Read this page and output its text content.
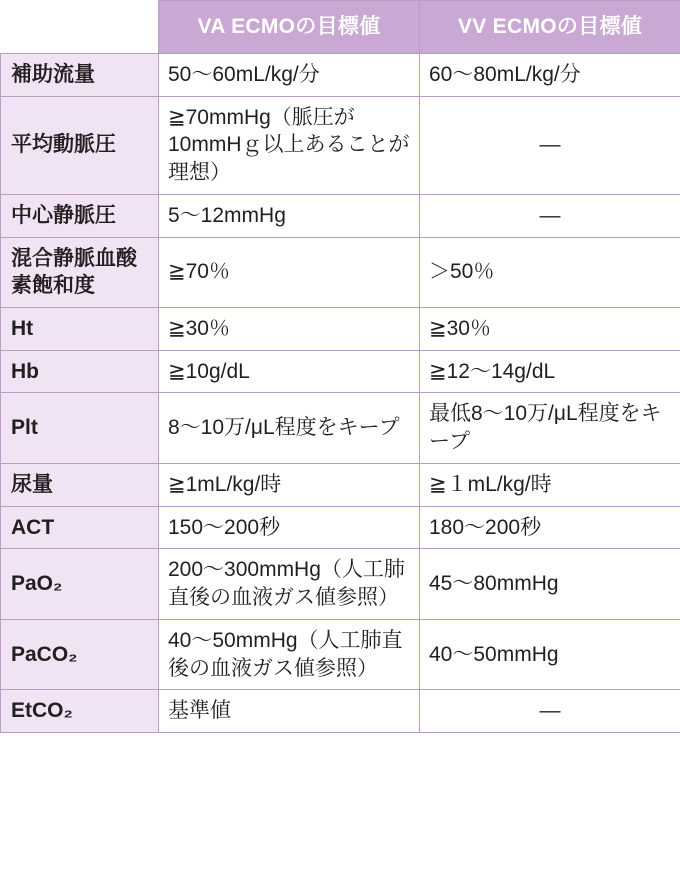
	VA ECMOの目標値	VV ECMOの目標値
補助流量	50〜60mL/kg/分	60〜80mL/kg/分
平均動脈圧	≧70mmHg（脈圧が10mmHｇ以上あることが理想）	—
中心静脈圧	5〜12mmHg	—
混合静脈血酸素飽和度	≧70％	＞50％
Ht	≧30％	≧30％
Hb	≧10g/dL	≧12〜14g/dL
Plt	8〜10万/μL程度をキープ	最低8〜10万/μL程度をキープ
尿量	≧1mL/kg/時	≧１mL/kg/時
ACT	150〜200秒	180〜200秒
PaO₂	200〜300mmHg（人工肺直後の血液ガス値参照）	45〜80mmHg
PaCO₂	40〜50mmHg（人工肺直後の血液ガス値参照）	40〜50mmHg
EtCO₂	基準値	—
